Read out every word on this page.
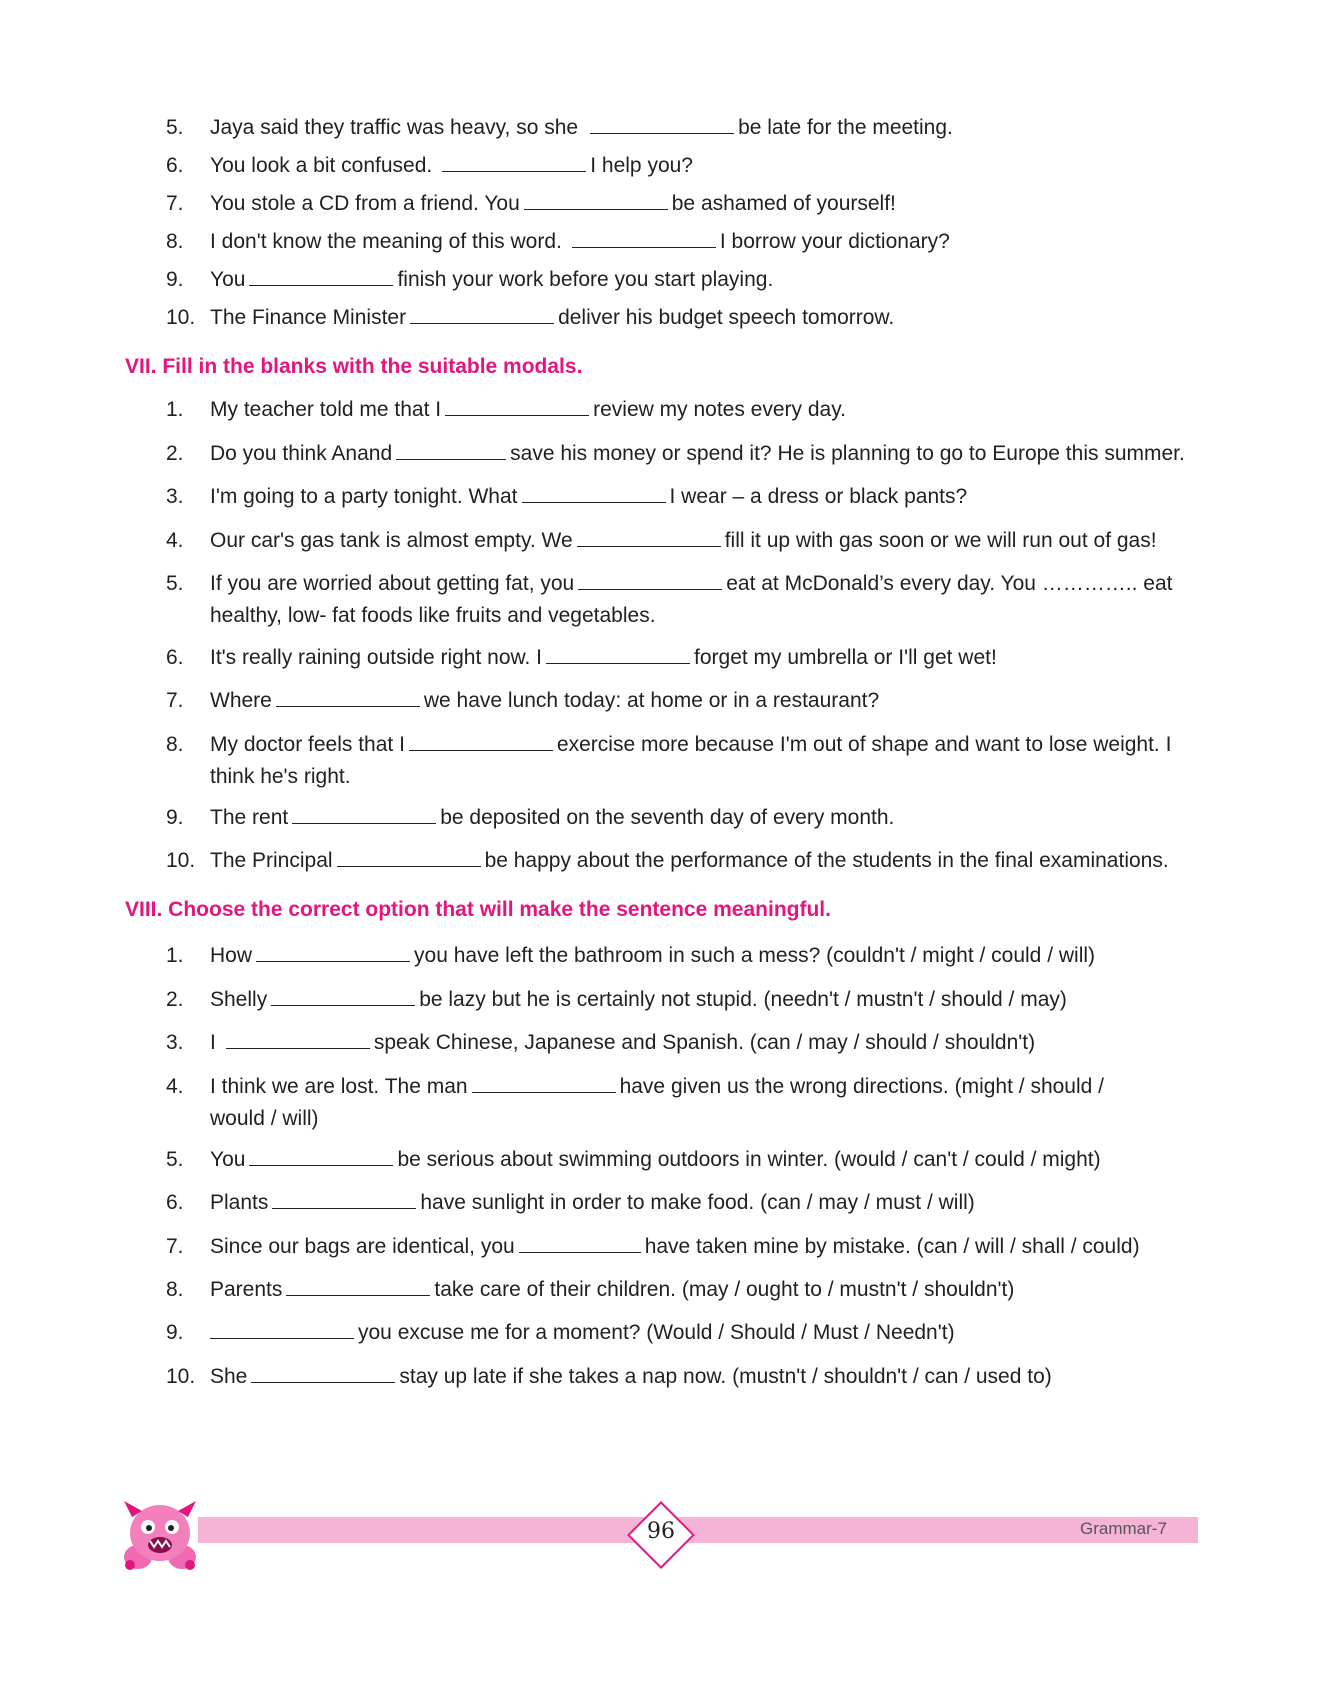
5.	Jaya said they traffic was heavy, so she	be late for the meeting.
6.	You look a bit confused.	I help you?
7.	You stole a CD from a friend. You	be ashamed of yourself!
8.	I don't know the meaning of this word.	I borrow your dictionary?
9.	You	finish your work before you start playing.
10. The Finance Minister	deliver his budget speech tomorrow.
VII. Fill in the blanks with the suitable modals.
1.	My teacher told me that I	review my notes every day.
2.	Do you think Anand	save his money or spend it? He is planning to go to Europe this summer.
3.	I'm going to a party tonight. What	I wear – a dress or black pants?
4.	Our car's gas tank is almost empty. We	fill it up with gas soon or we will run out of gas!
5.	If you are worried about getting fat, you	eat at McDonald’s every day. You ………….. eat
healthy, low- fat foods like fruits and vegetables.
6.	It's really raining outside right now. I	forget my umbrella or I'll get wet!
7.	Where	we have lunch today: at home or in a restaurant?
8.	My doctor feels that I	exercise more because I'm out of shape and want to lose weight. I
think he's right.
9.	The rent	be deposited on the seventh day of every month.
10. The Principal	be happy about the performance of the students in the final examinations.
VIII. Choose the correct option that will make the sentence meaningful.
1.	How	you have left the bathroom in such a mess? (couldn't / might / could / will)
2.	Shelly	be lazy but he is certainly not stupid. (needn't / mustn't / should / may)
3.	I	speak Chinese, Japanese and Spanish. (can / may / should / shouldn't)
4.	I think we are lost. The man	have given us the wrong directions. (might / should /
would / will)
5.	You	be serious about swimming outdoors in winter. (would / can't / could / might)
6.	Plants	have sunlight in order to make food. (can / may / must / will)
7.	Since our bags are identical, you	have taken mine by mistake. (can / will / shall / could)
8.	Parents	take care of their children. (may / ought to / mustn't / shouldn't)
9.	you excuse me for a moment? (Would / Should / Must / Needn't)
10. She	stay up late if she takes a nap now. (mustn't / shouldn't / can / used to)
96	Grammar-7
